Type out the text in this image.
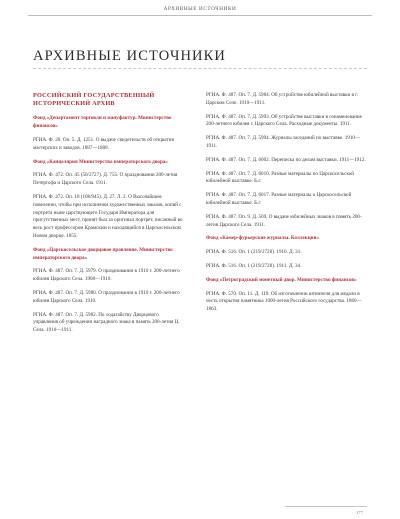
АРХИВНЫЕ ИСТОЧНИКИ
АРХИВНЫЕ ИСТОЧНИКИ
РОССИЙСКИЙ ГОСУДАРСТВЕННЫЙ ИСТОРИЧЕСКИЙ АРХИВ
Фонд «Департамент торговли и мануфактур. Министерство финансов»
РГИА. Ф. 20. Оп. 5. Д. 1251. О выдаче свидетельств об открытии мастерских и заводов. 1887—1888.
Фонд «Канцелярия Министерства императорского двора»
РГИА. Ф. 472. Оп. 45 (50/2727). Д. 755. О праздновании 200-летия Петергофа и Царского Села. 1911.
РГИА. Ф. 472. Оп. 18 (108/945). Д. 27. Л. 2. О Высочайшем повелении, чтобы при исполнении художественных заказов, копий с портрета ныне царствующего Государя Императора для присутственных мест, принят был за оригинал портрет, писанный во весь рост профессором Крамским и находящийся в Царскосельском Новом дворце. 1855.
Фонд «Царскосельское дворцовое правление. Министерство императорского двора»
РГИА. Ф. 487. Оп. 7. Д. 5979. О праздновании в 1910 г. 200-летнего юбилея Царского Села. 1908—1910.
РГИА. Ф. 487. Оп. 7. Д. 5980. О праздновании в 1910 г. 200-летнего юбилея Царского Села. 1910.
РГИА. Ф. 487. Оп. 7. Д. 5982. По ходатайству Дворцового управления об учреждении наградного знака в память 200-летия Ц. Села. 1910—1911.
РГИА. Ф. 487. Оп. 7. Д. 5984. Об устройстве юбилейной выставки в г. Царском Селе. 1910—1911.
РГИА. Ф. 487. Оп. 7. Д. 5993. Об устройстве выставки в ознаменование 200-летнего юбилея г. Царского Села. Расходные документы. 1911.
РГИА. Ф. 487. Оп. 7. Д. 5994. Журналы заседаний по выставке. 1910—1911.
РГИА. Ф. 487. Оп. 7. Д. 6002. Переписка по делам выставки. 1911—1912.
РГИА. Ф. 487. Оп. 7. Д. 6010. Разные материалы по Царскосельской юбилейной выставке. Б.г.
РГИА. Ф. 487. Оп. 7. Д. 6017. Разные материалы о Царскосельской юбилейной выставке. Б.г.
РГИА. Ф. 487. Оп. 9. Д. 569. О выдаче юбилейных знаков в память 200-летия Царского Села. 1911.
Фонд «Камер-фурьерские журналы. Коллекция»
РГИА. Ф. 516. Оп. 1 (219/2728). 1910. Д. 31.
РГИА. Ф. 516. Оп. 1 (219/2728). 1911. Д. 34.
Фонд «Петроградский монетный двор. Министерство финансов»
РГИА. Ф. 570. Оп. 11. Д. 119. Об изготовлении штемпеля для медали в честь открытия памятника 1000-летия Российского государства. 1860—1863.
177
